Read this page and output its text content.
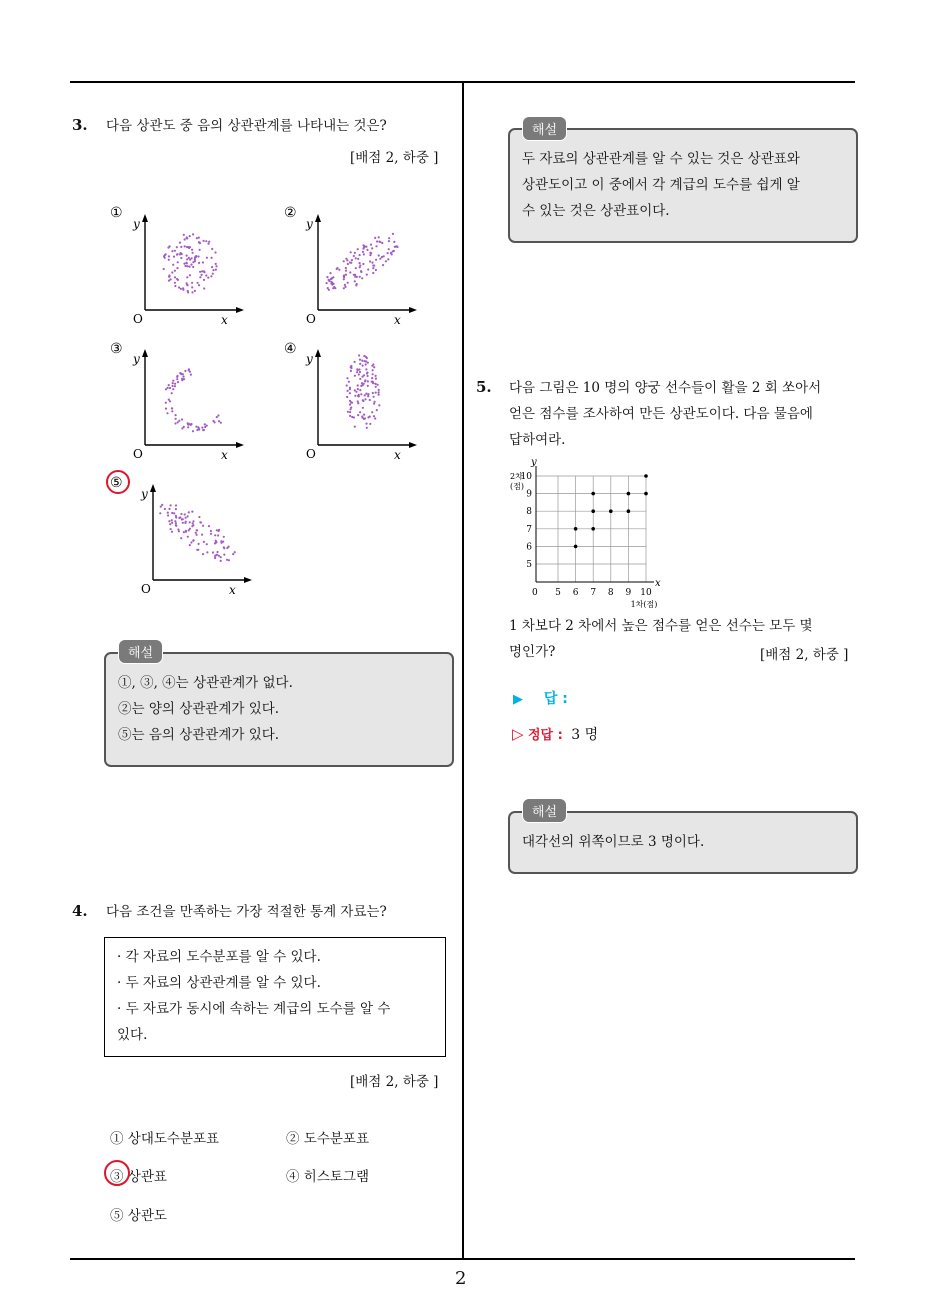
2
3. 다음 상관도 중 음의 상관관계를 나타내는 것은?
[배점 2, 하중 ]
①
y
x
O
②
y
x
O
③
y
x
O
④
y
x
O
⑤
y
x
O
해설
①, ③, ④는 상관관계가 없다.
②는 양의 상관관계가 있다.
⑤는 음의 상관관계가 있다.
4. 다음 조건을 만족하는 가장 적절한 통계 자료는?
· 각 자료의 도수분포를 알 수 있다.
· 두 자료의 상관관계를 알 수 있다.
· 두 자료가 동시에 속하는 계급의 도수를 알 수
있다.
[배점 2, 하중 ]
① 상대도수분포표	② 도수분포표
③ 상관표	④ 히스토그램
⑤ 상관도
해설
두 자료의 상관관계를 알 수 있는 것은 상관표와
상관도이고 이 중에서 각 계급의 도수를 쉽게 알
수 있는 것은 상관표이다.
5. 다음 그림은 10 명의 양궁 선수들이 활을 2 회 쏘아서
얻은 점수를 조사하여 만든 상관도이다. 다음 물음에
답하여라.
y
x
0 5 6 7 8 9 10
5
6
7
8
9
10
2차
(점)
1차(점)
1 차보다 2 차에서 높은 점수를 얻은 선수는 모두 몇
명인가?	[배점 2, 하중 ]
▶ 답 :
▷ 정답 : 3 명
해설
대각선의 위쪽이므로 3 명이다.
